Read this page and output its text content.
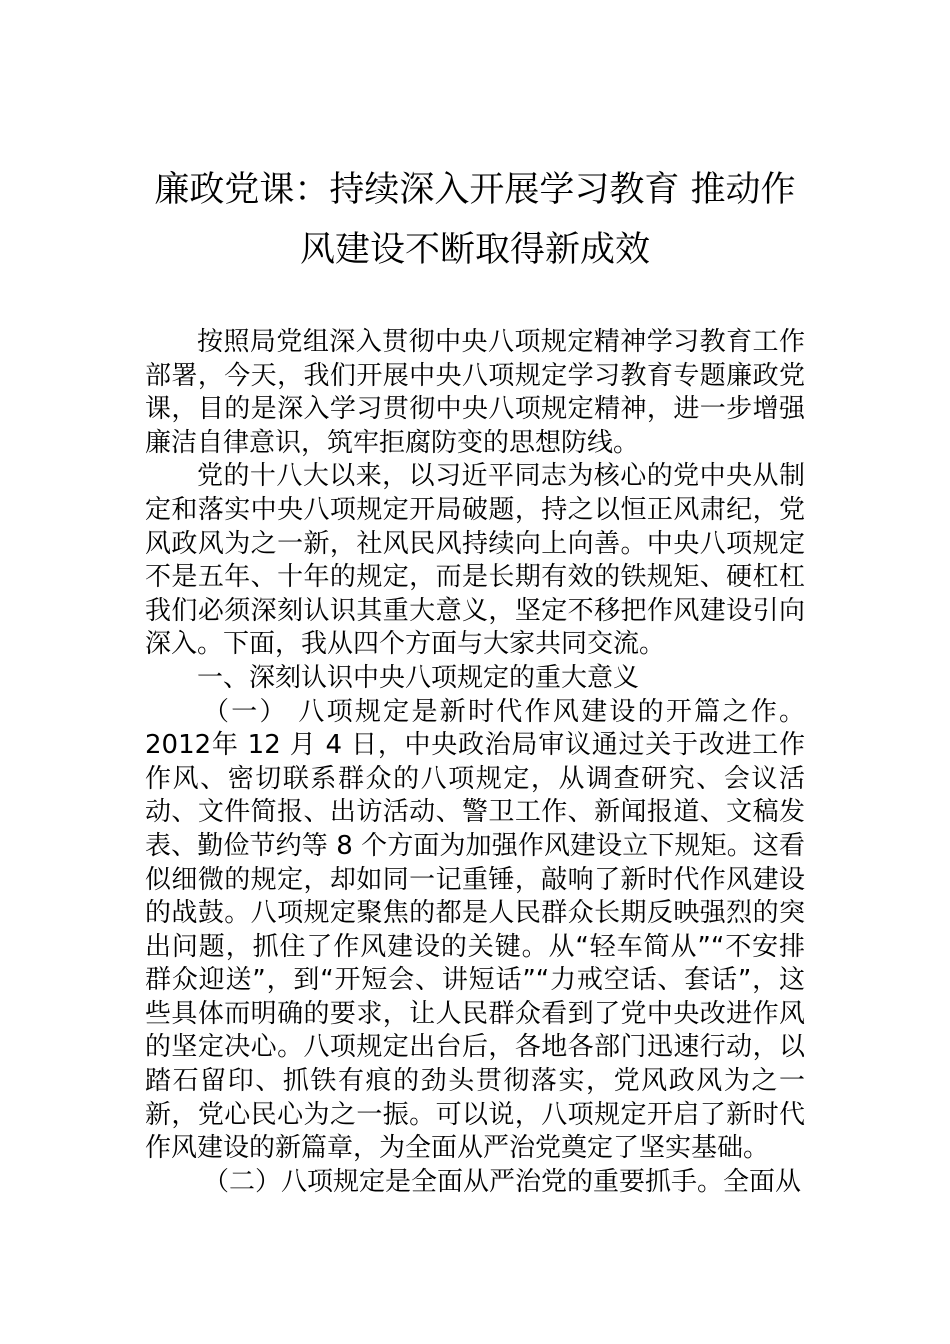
廉政党课：持续深入开展学习教育 推动作风建设不断取得新成效

按照局党组深入贯彻中央八项规定精神学习教育工作部署，今天，我们开展中央八项规定学习教育专题廉政党课，目的是深入学习贯彻中央八项规定精神，进一步增强廉洁自律意识，筑牢拒腐防变的思想防线。

党的十八大以来，以习近平同志为核心的党中央从制定和落实中央八项规定开局破题，持之以恒正风肃纪，党风政风为之一新，社风民风持续向上向善。中央八项规定不是五年、十年的规定，而是长期有效的铁规矩、硬杠杠我们必须深刻认识其重大意义，坚定不移把作风建设引向深入。下面，我从四个方面与大家共同交流。

一、深刻认识中央八项规定的重大意义

（一） 八项规定是新时代作风建设的开篇之作。2012年 12 月 4 日，中央政治局审议通过关于改进工作作风、密切联系群众的八项规定，从调查研究、会议活动、文件简报、出访活动、警卫工作、新闻报道、文稿发表、勤俭节约等 8 个方面为加强作风建设立下规矩。这看似细微的规定，却如同一记重锤，敲响了新时代作风建设的战鼓。八项规定聚焦的都是人民群众长期反映强烈的突出问题，抓住了作风建设的关键。从“轻车简从”“不安排群众迎送”，到“开短会、讲短话”“力戒空话、套话”，这些具体而明确的要求，让人民群众看到了党中央改进作风的坚定决心。八项规定出台后，各地各部门迅速行动，以踏石留印、抓铁有痕的劲头贯彻落实，党风政风为之一新，党心民心为之一振。可以说，八项规定开启了新时代作风建设的新篇章，为全面从严治党奠定了坚实基础。

（二）八项规定是全面从严治党的重要抓手。全面从
